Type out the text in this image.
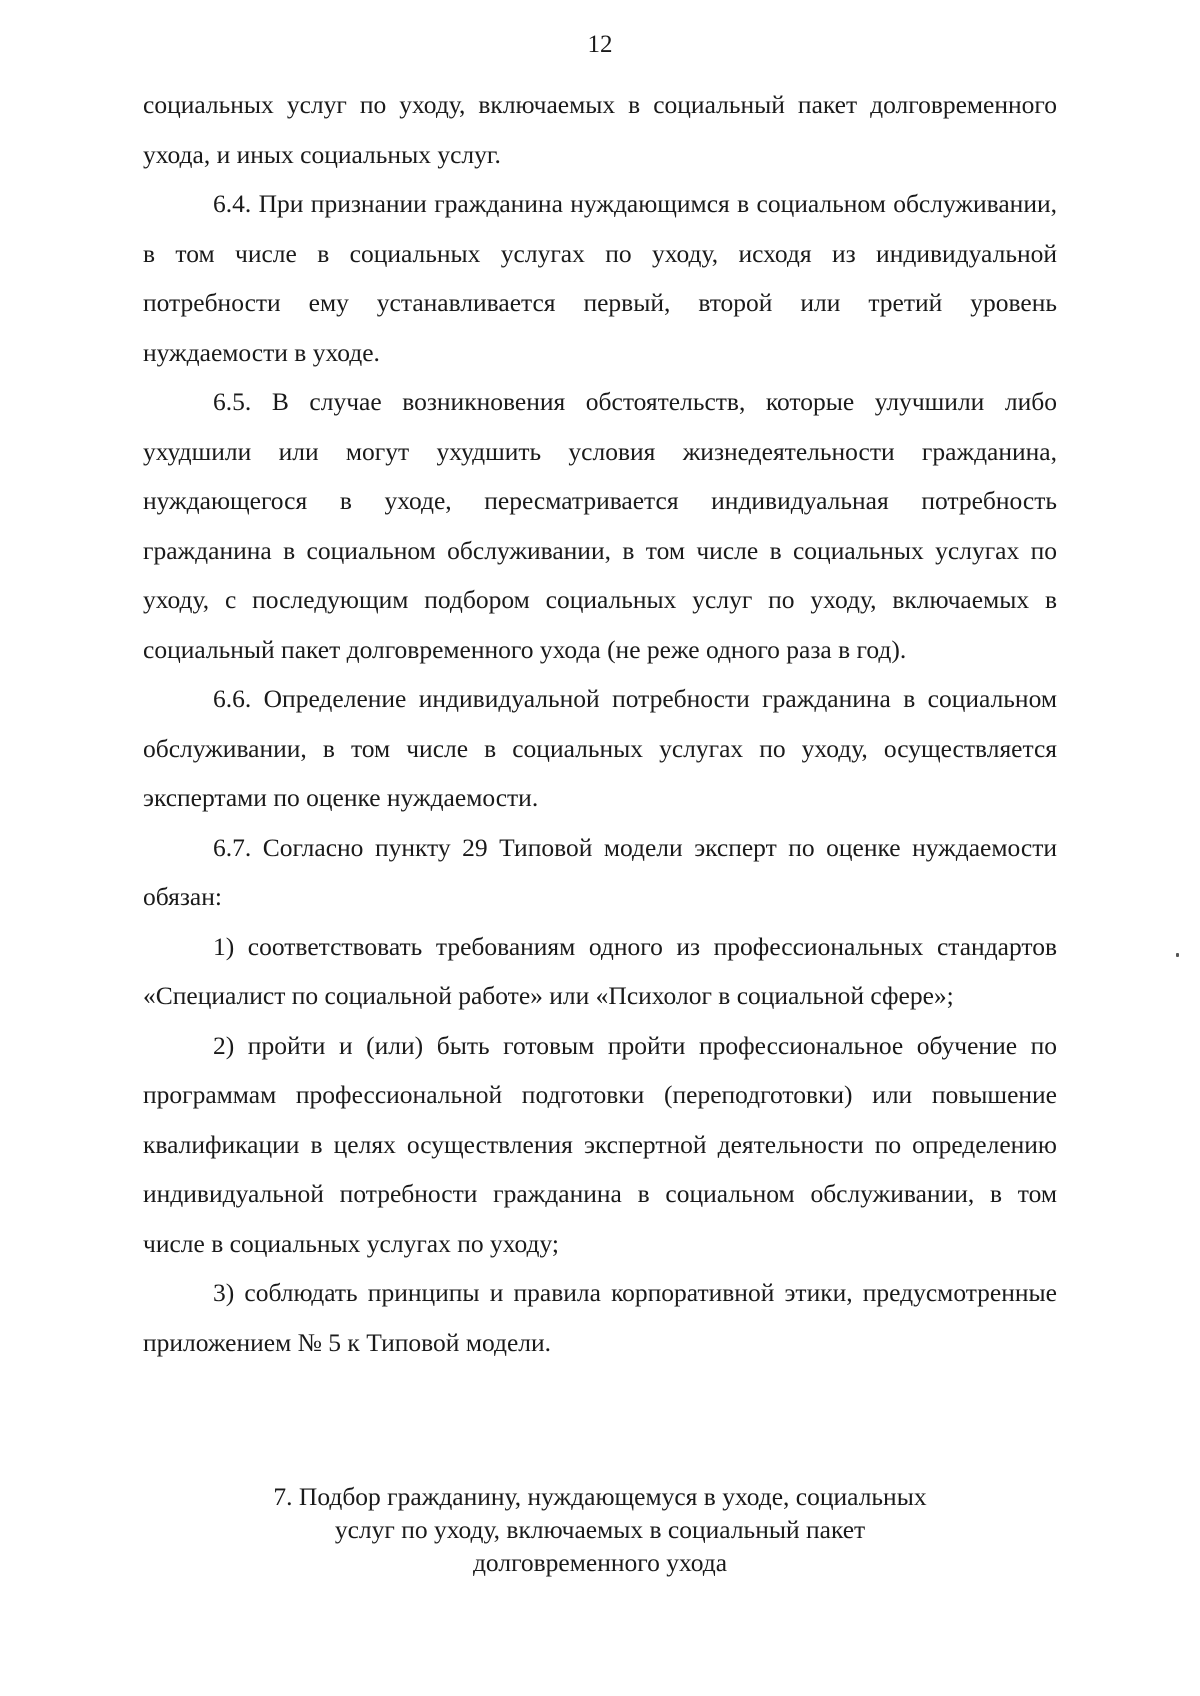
12

социальных услуг по уходу, включаемых в социальный пакет долговременного ухода, и иных социальных услуг.

6.4. При признании гражданина нуждающимся в социальном обслуживании, в том числе в социальных услугах по уходу, исходя из индивидуальной потребности ему устанавливается первый, второй или третий уровень нуждаемости в уходе.

6.5. В случае возникновения обстоятельств, которые улучшили либо ухудшили или могут ухудшить условия жизнедеятельности гражданина, нуждающегося в уходе, пересматривается индивидуальная потребность гражданина в социальном обслуживании, в том числе в социальных услугах по уходу, с последующим подбором социальных услуг по уходу, включаемых в социальный пакет долговременного ухода (не реже одного раза в год).

6.6. Определение индивидуальной потребности гражданина в социальном обслуживании, в том числе в социальных услугах по уходу, осуществляется экспертами по оценке нуждаемости.

6.7. Согласно пункту 29 Типовой модели эксперт по оценке нуждаемости обязан:

1) соответствовать требованиям одного из профессиональных стандартов «Специалист по социальной работе» или «Психолог в социальной сфере»;

2) пройти и (или) быть готовым пройти профессиональное обучение по программам профессиональной подготовки (переподготовки) или повышение квалификации в целях осуществления экспертной деятельности по определению индивидуальной потребности гражданина в социальном обслуживании, в том числе в социальных услугах по уходу;

3) соблюдать принципы и правила корпоративной этики, предусмотренные приложением № 5 к Типовой модели.

7. Подбор гражданину, нуждающемуся в уходе, социальных
услуг по уходу, включаемых в социальный пакет
долговременного ухода
